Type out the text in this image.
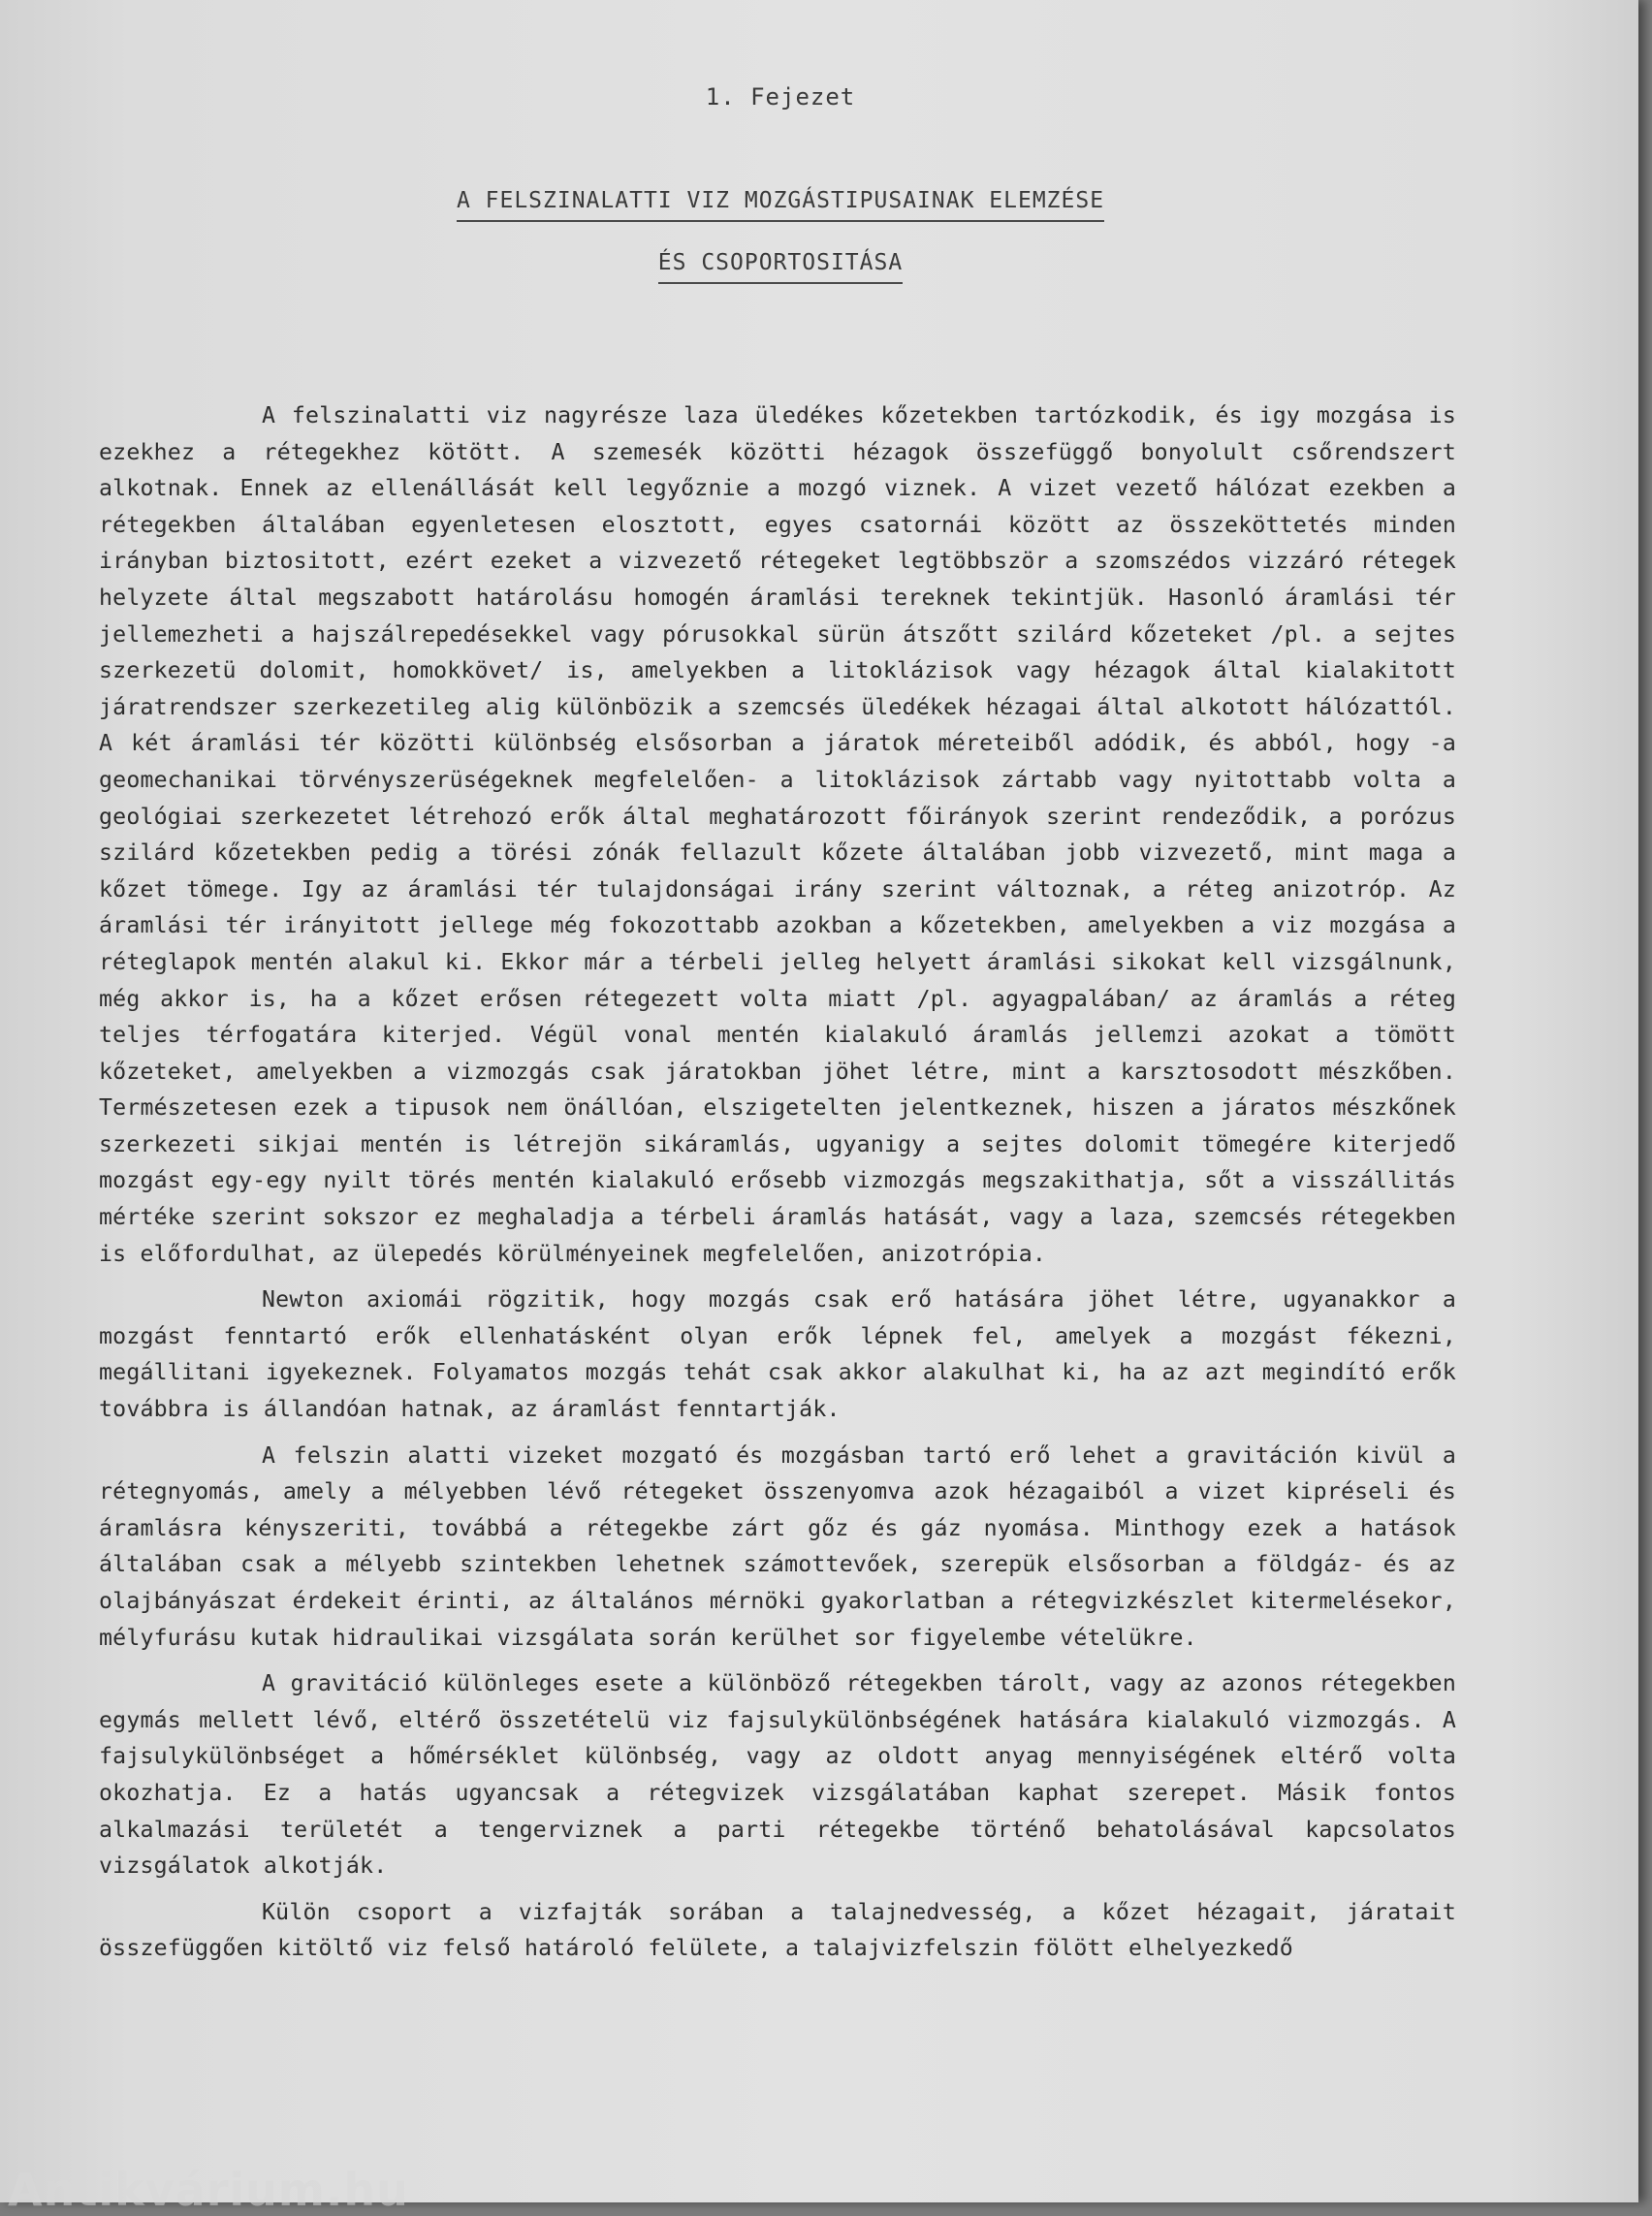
1. Fejezet
A FELSZINALATTI VIZ MOZGÁSTIPUSAINAK ELEMZÉSE
ÉS CSOPORTOSITÁSA

A felszinalatti viz nagyrésze laza üledékes kőzetekben tartózkodik, és igy mozgása is ezekhez a rétegekhez kötött. A szemesék közötti hézagok összefüggő bonyolult csőrendszert alkotnak. Ennek az ellenállását kell legyőznie a mozgó viznek. A vizet vezető hálózat ezekben a rétegekben általában egyenletesen elosztott, egyes csatornái között az összeköttetés minden irányban biztositott, ezért ezeket a vizvezető rétegeket legtöbbször a szomszédos vizzáró rétegek helyzete által megszabott határolásu homogén áramlási tereknek tekintjük. Hasonló áramlási tér jellemezheti a hajszálrepedésekkel vagy pórusokkal sürün átszőtt szilárd kőzeteket /pl. a sejtes szerkezetü dolomit, homokkövet/ is, amelyekben a litoklázisok vagy hézagok által kialakitott járatrendszer szerkezetileg alig különbözik a szemcsés üledékek hézagai által alkotott hálózattól. A két áramlási tér közötti különbség elsősorban a járatok méreteiből adódik, és abból, hogy -a geomechanikai törvényszerüségeknek megfelelően- a litoklázisok zártabb vagy nyitottabb volta a geológiai szerkezetet létrehozó erők által meghatározott főirányok szerint rendeződik, a porózus szilárd kőzetekben pedig a törési zónák fellazult kőzete általában jobb vizvezető, mint maga a kőzet tömege. Igy az áramlási tér tulajdonságai irány szerint változnak, a réteg anizotróp. Az áramlási tér irányitott jellege még fokozottabb azokban a kőzetekben, amelyekben a viz mozgása a réteglapok mentén alakul ki. Ekkor már a térbeli jelleg helyett áramlási sikokat kell vizsgálnunk, még akkor is, ha a kőzet erősen rétegezett volta miatt /pl. agyagpalában/ az áramlás a réteg teljes térfogatára kiterjed. Végül vonal mentén kialakuló áramlás jellemzi azokat a tömött kőzeteket, amelyekben a vizmozgás csak járatokban jöhet létre, mint a karsztosodott mészkőben. Természetesen ezek a tipusok nem önállóan, elszigetelten jelentkeznek, hiszen a járatos mészkőnek szerkezeti sikjai mentén is létrejön sikáramlás, ugyanigy a sejtes dolomit tömegére kiterjedő mozgást egy-egy nyilt törés mentén kialakuló erősebb vizmozgás megszakithatja, sőt a visszállitás mértéke szerint sokszor ez meghaladja a térbeli áramlás hatását, vagy a laza, szemcsés rétegekben is előfordulhat, az ülepedés körülményeinek megfelelően, anizotrópia.

Newton axiomái rögzitik, hogy mozgás csak erő hatására jöhet létre, ugyanakkor a mozgást fenntartó erők ellenhatásként olyan erők lépnek fel, amelyek a mozgást fékezni, megállitani igyekeznek. Folyamatos mozgás tehát csak akkor alakulhat ki, ha az azt megindító erők továbbra is állandóan hatnak, az áramlást fenntartják.

A felszin alatti vizeket mozgató és mozgásban tartó erő lehet a gravitáción kivül a rétegnyomás, amely a mélyebben lévő rétegeket összenyomva azok hézagaiból a vizet kipréseli és áramlásra kényszeriti, továbbá a rétegekbe zárt gőz és gáz nyomása. Minthogy ezek a hatások általában csak a mélyebb szintekben lehetnek számottevőek, szerepük elsősorban a földgáz- és az olajbányászat érdekeit érinti, az általános mérnöki gyakorlatban a rétegvizkészlet kitermelésekor, mélyfurásu kutak hidraulikai vizsgálata során kerülhet sor figyelembe vételükre.

A gravitáció különleges esete a különböző rétegekben tárolt, vagy az azonos rétegekben egymás mellett lévő, eltérő összetételü viz fajsulykülönbségének hatására kialakuló vizmozgás. A fajsulykülönbséget a hőmérséklet különbség, vagy az oldott anyag mennyiségének eltérő volta okozhatja. Ez a hatás ugyancsak a rétegvizek vizsgálatában kaphat szerepet. Másik fontos alkalmazási területét a tengerviznek a parti rétegekbe történő behatolásával kapcsolatos vizsgálatok alkotják.

Külön csoport a vizfajták sorában a talajnedvesség, a kőzet hézagait, járatait összefüggően kitöltő viz felső határoló felülete, a talajvizfelszin fölött elhelyezkedő

Antikvárium.hu
